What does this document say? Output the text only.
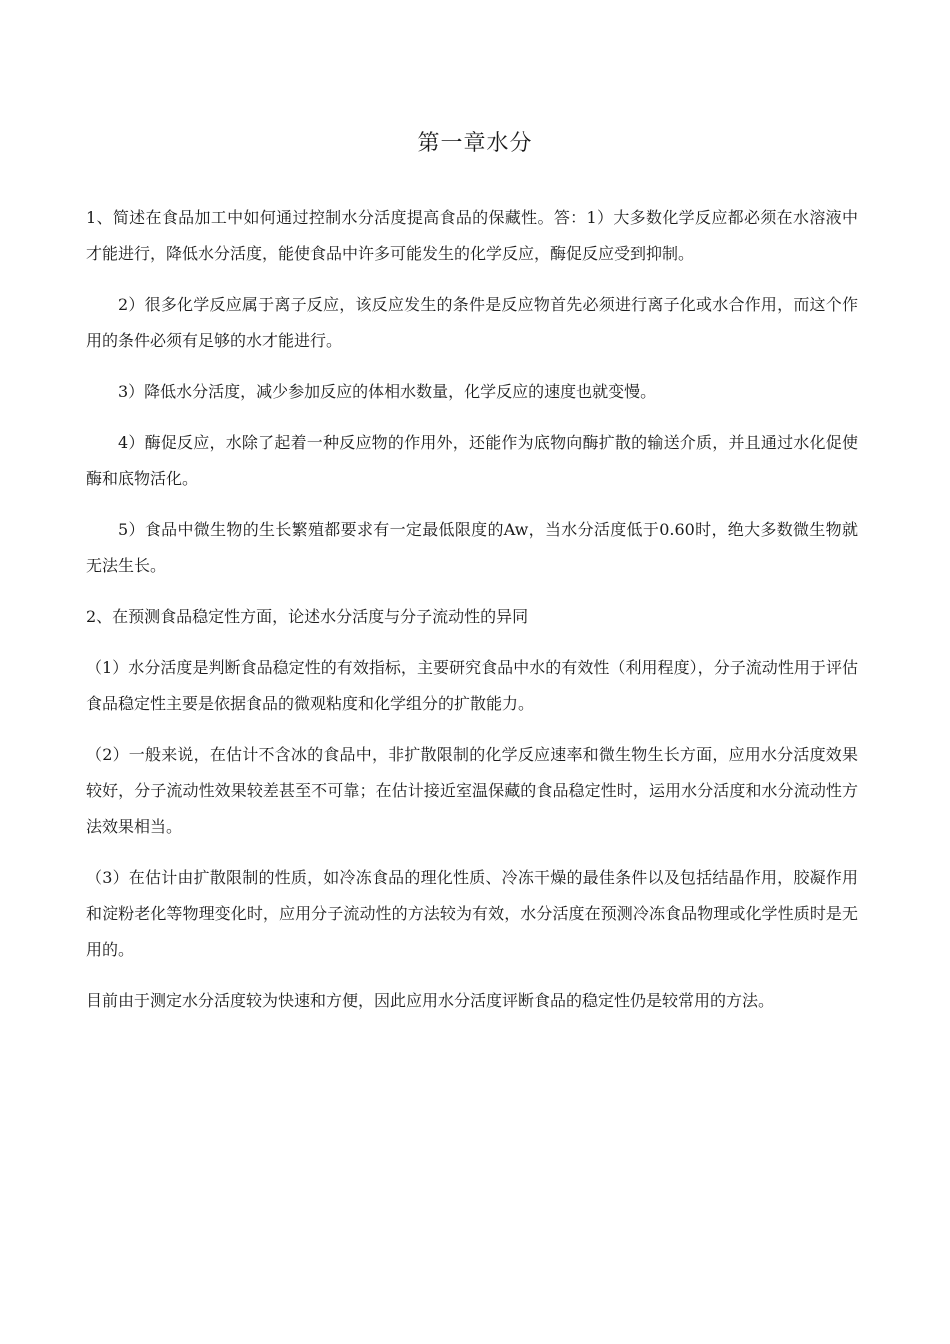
第一章水分

1、简述在食品加工中如何通过控制水分活度提高食品的保藏性。答：1）大多数化学反应都必须在水溶液中才能进行，降低水分活度，能使食品中许多可能发生的化学反应，酶促反应受到抑制。

2）很多化学反应属于离子反应，该反应发生的条件是反应物首先必须进行离子化或水合作用，而这个作用的条件必须有足够的水才能进行。

3）降低水分活度，减少参加反应的体相水数量，化学反应的速度也就变慢。

4）酶促反应，水除了起着一种反应物的作用外，还能作为底物向酶扩散的输送介质，并且通过水化促使酶和底物活化。

5）食品中微生物的生长繁殖都要求有一定最低限度的Aw，当水分活度低于0.60时，绝大多数微生物就无法生长。

2、在预测食品稳定性方面，论述水分活度与分子流动性的异同

（1）水分活度是判断食品稳定性的有效指标，主要研究食品中水的有效性（利用程度），分子流动性用于评估食品稳定性主要是依据食品的微观粘度和化学组分的扩散能力。

（2）一般来说，在估计不含冰的食品中，非扩散限制的化学反应速率和微生物生长方面，应用水分活度效果较好，分子流动性效果较差甚至不可靠；在估计接近室温保藏的食品稳定性时，运用水分活度和水分流动性方法效果相当。

（3）在估计由扩散限制的性质，如冷冻食品的理化性质、冷冻干燥的最佳条件以及包括结晶作用，胶凝作用和淀粉老化等物理变化时，应用分子流动性的方法较为有效，水分活度在预测冷冻食品物理或化学性质时是无用的。

目前由于测定水分活度较为快速和方便，因此应用水分活度评断食品的稳定性仍是较常用的方法。
